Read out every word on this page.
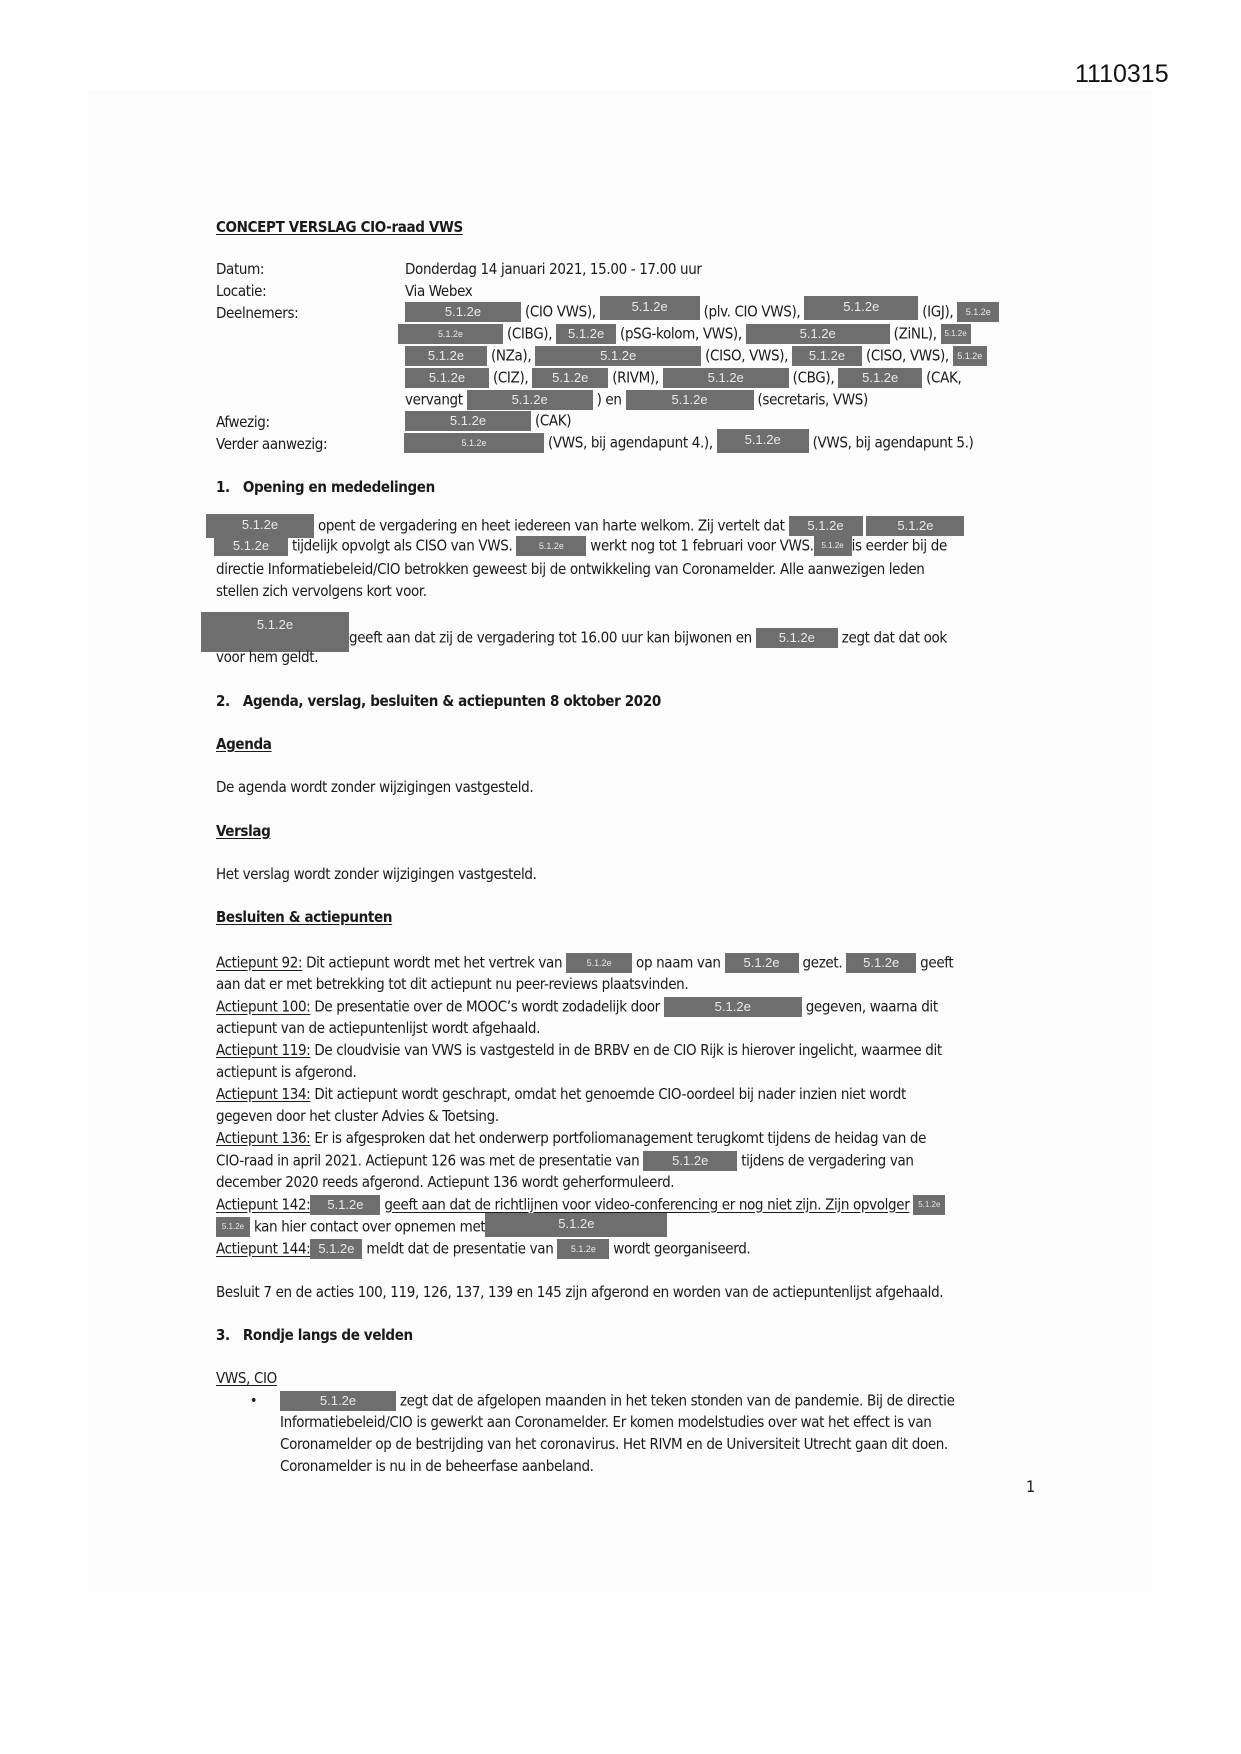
1110315
CONCEPT VERSLAG CIO-raad VWS
Datum:	Donderdag 14 januari 2021, 15.00 - 17.00 uur
Locatie:	Via Webex
Deelnemers:	5.1.2e	(CIO VWS),	5.1.2e (plv. CIO VWS),	5.1.2e	(IGJ), 5.1.2e
5.1.2e	(CIBG), 5.1.2e (pSG-kolom, VWS),	5.1.2e	(ZiNL), 5.1.2e
5.1.2e (NZa),	5.1.2e	(CISO, VWS), 5.1.2e (CISO, VWS), 5.1.2e
5.1.2e (CIZ), 5.1.2e (RIVM),	5.1.2e	(CBG), 5.1.2e (CAK,
vervangt	5.1.2e	) en	5.1.2e	(secretaris, VWS)
Afwezig:	5.1.2e	(CAK)
Verder aanwezig:	5.1.2e	(VWS, bij agendapunt 4.), 5.1.2e (VWS, bij agendapunt 5.)
1.   Opening en mededelingen
5.1.2e	opent de vergadering en heet iedereen van harte welkom. Zij vertelt dat 5.1.2e	5.1.2e
5.1.2e tijdelijk opvolgt als CISO van VWS.	5.1.2e werkt nog tot 1 februari voor VWS. 5.1.2e is eerder bij de
directie Informatiebeleid/CIO betrokken geweest bij de ontwikkeling van Coronamelder. Alle aanwezigen leden
stellen zich vervolgens kort voor.
5.1.2egeeft aan dat zij de vergadering tot 16.00 uur kan bijwonen en 5.1.2e zegt dat dat ook
voor hem geldt.
2.   Agenda, verslag, besluiten & actiepunten 8 oktober 2020
Agenda
De agenda wordt zonder wijzigingen vastgesteld.
Verslag
Het verslag wordt zonder wijzigingen vastgesteld.
Besluiten & actiepunten
Actiepunt 92: Dit actiepunt wordt met het vertrek van	5.1.2e op naam van 5.1.2e gezet. 5.1.2e geeft
aan dat er met betrekking tot dit actiepunt nu peer-reviews plaatsvinden.
Actiepunt 100: De presentatie over de MOOC’s wordt zodadelijk door	5.1.2e	gegeven, waarna dit
actiepunt van de actiepuntenlijst wordt afgehaald.
Actiepunt 119: De cloudvisie van VWS is vastgesteld in de BRBV en de CIO Rijk is hierover ingelicht, waarmee dit
actiepunt is afgerond.
Actiepunt 134: Dit actiepunt wordt geschrapt, omdat het genoemde CIO-oordeel bij nader inzien niet wordt
gegeven door het cluster Advies & Toetsing.
Actiepunt 136: Er is afgesproken dat het onderwerp portfoliomanagement terugkomt tijdens de heidag van de
CIO-raad in april 2021. Actiepunt 126 was met de presentatie van	5.1.2e tijdens de vergadering van
december 2020 reeds afgerond. Actiepunt 136 wordt geherformuleerd.
Actiepunt 142: 5.1.2e geeft aan dat de richtlijnen voor video-conferencing er nog niet zijn. Zijn opvolger 5.1.2e
5.1.2e kan hier contact over opnemen met	5.1.2e
Actiepunt 144: 5.1.2e meldt dat de presentatie van 5.1.2e wordt georganiseerd.
Besluit 7 en de acties 100, 119, 126, 137, 139 en 145 zijn afgerond en worden van de actiepuntenlijst afgehaald.
3.   Rondje langs de velden
VWS, CIO
•	5.1.2e	zegt dat de afgelopen maanden in het teken stonden van de pandemie. Bij de directie
Informatiebeleid/CIO is gewerkt aan Coronamelder. Er komen modelstudies over wat het effect is van
Coronamelder op de bestrijding van het coronavirus. Het RIVM en de Universiteit Utrecht gaan dit doen.
Coronamelder is nu in de beheerfase aanbeland.
1
